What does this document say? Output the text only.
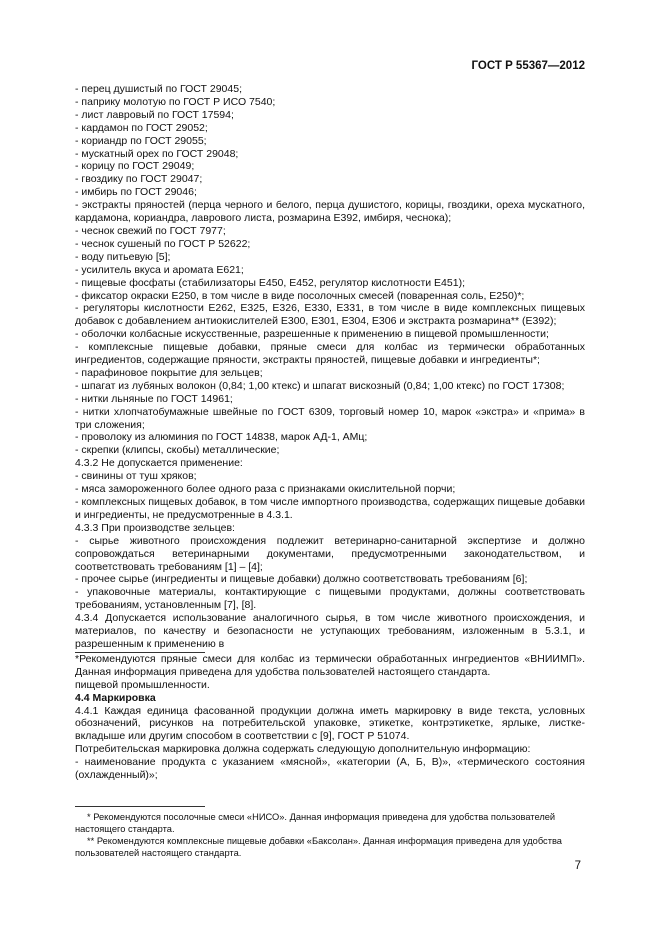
ГОСТ Р 55367—2012

- перец душистый по ГОСТ 29045;

- паприку молотую по ГОСТ Р ИСО 7540;

- лист лавровый по ГОСТ 17594;

- кардамон по ГОСТ 29052;

- кориандр по ГОСТ 29055;

- мускатный орех по ГОСТ 29048;

- корицу по ГОСТ 29049;

- гвоздику по ГОСТ 29047;

- имбирь по ГОСТ 29046;

- экстракты пряностей (перца черного и белого, перца душистого, корицы, гвоздики, ореха мускатного, кардамона, кориандра, лаврового листа, розмарина Е392, имбиря, чеснока);

- чеснок свежий по ГОСТ 7977;

- чеснок сушеный по ГОСТ Р 52622;

- воду питьевую [5];

- усилитель вкуса и аромата Е621;

- пищевые фосфаты (стабилизаторы Е450, Е452, регулятор кислотности Е451);

- фиксатор окраски Е250, в том числе в виде посолочных смесей (поваренная соль, Е250)*;

- регуляторы кислотности Е262, Е325, Е326, Е330, Е331, в том числе в виде комплексных пищевых добавок с добавлением антиокислителей Е300, Е301, Е304, Е306 и экстракта розмарина** (Е392);

- оболочки колбасные искусственные, разрешенные к применению в пищевой промышленности;

- комплексные пищевые добавки, пряные смеси для колбас из термически обработанных ингредиентов, содержащие пряности, экстракты пряностей, пищевые добавки и ингредиенты*;

- парафиновое покрытие для зельцев;

- шпагат из лубяных волокон (0,84; 1,00 ктекс) и шпагат вискозный (0,84; 1,00 ктекс) по ГОСТ 17308;

- нитки льняные по ГОСТ 14961;

- нитки хлопчатобумажные швейные по ГОСТ 6309, торговый номер 10, марок «экстра» и «прима» в три сложения;

- проволоку из алюминия по ГОСТ 14838, марок АД-1, АМц;

- скрепки (клипсы, скобы) металлические;

4.3.2 Не допускается применение:

- свинины от туш хряков;

- мяса замороженного более одного раза с признаками окислительной порчи;

- комплексных пищевых добавок, в том числе импортного производства, содержащих пищевые добавки и ингредиенты, не предусмотренные в 4.3.1.

4.3.3 При производстве зельцев:

- сырье животного происхождения подлежит ветеринарно-санитарной экспертизе и должно сопровождаться ветеринарными документами, предусмотренными законодательством, и соответствовать требованиям [1] – [4];

- прочее сырье (ингредиенты и пищевые добавки) должно соответствовать требованиям [6];

- упаковочные материалы, контактирующие с пищевыми продуктами, должны соответствовать требованиям, установленным [7], [8].

4.3.4 Допускается использование аналогичного сырья, в том числе животного происхождения, и материалов, по качеству и безопасности не уступающих требованиям, изложенным в 5.3.1, и разрешенным к применению в

*Рекомендуются пряные смеси для колбас из термически обработанных ингредиентов «ВНИИМП». Данная информация приведена для удобства пользователей настоящего стандарта.

пищевой промышленности.

4.4 Маркировка

4.4.1 Каждая единица фасованной продукции должна иметь маркировку в виде текста, условных обозначений, рисунков на потребительской упаковке, этикетке, контрэтикетке, ярлыке, листке-вкладыше или другим способом в соответствии с [9], ГОСТ Р 51074.

Потребительская маркировка должна содержать следующую дополнительную информацию:

- наименование продукта с указанием «мясной», «категории (А, Б, В)», «термического состояния (охлажденный)»;

* Рекомендуются посолочные смеси «НИСО». Данная информация приведена для удобства пользователей настоящего стандарта.
** Рекомендуются комплексные пищевые добавки «Баксолан». Данная информация приведена для удобства пользователей настоящего стандарта.
7
